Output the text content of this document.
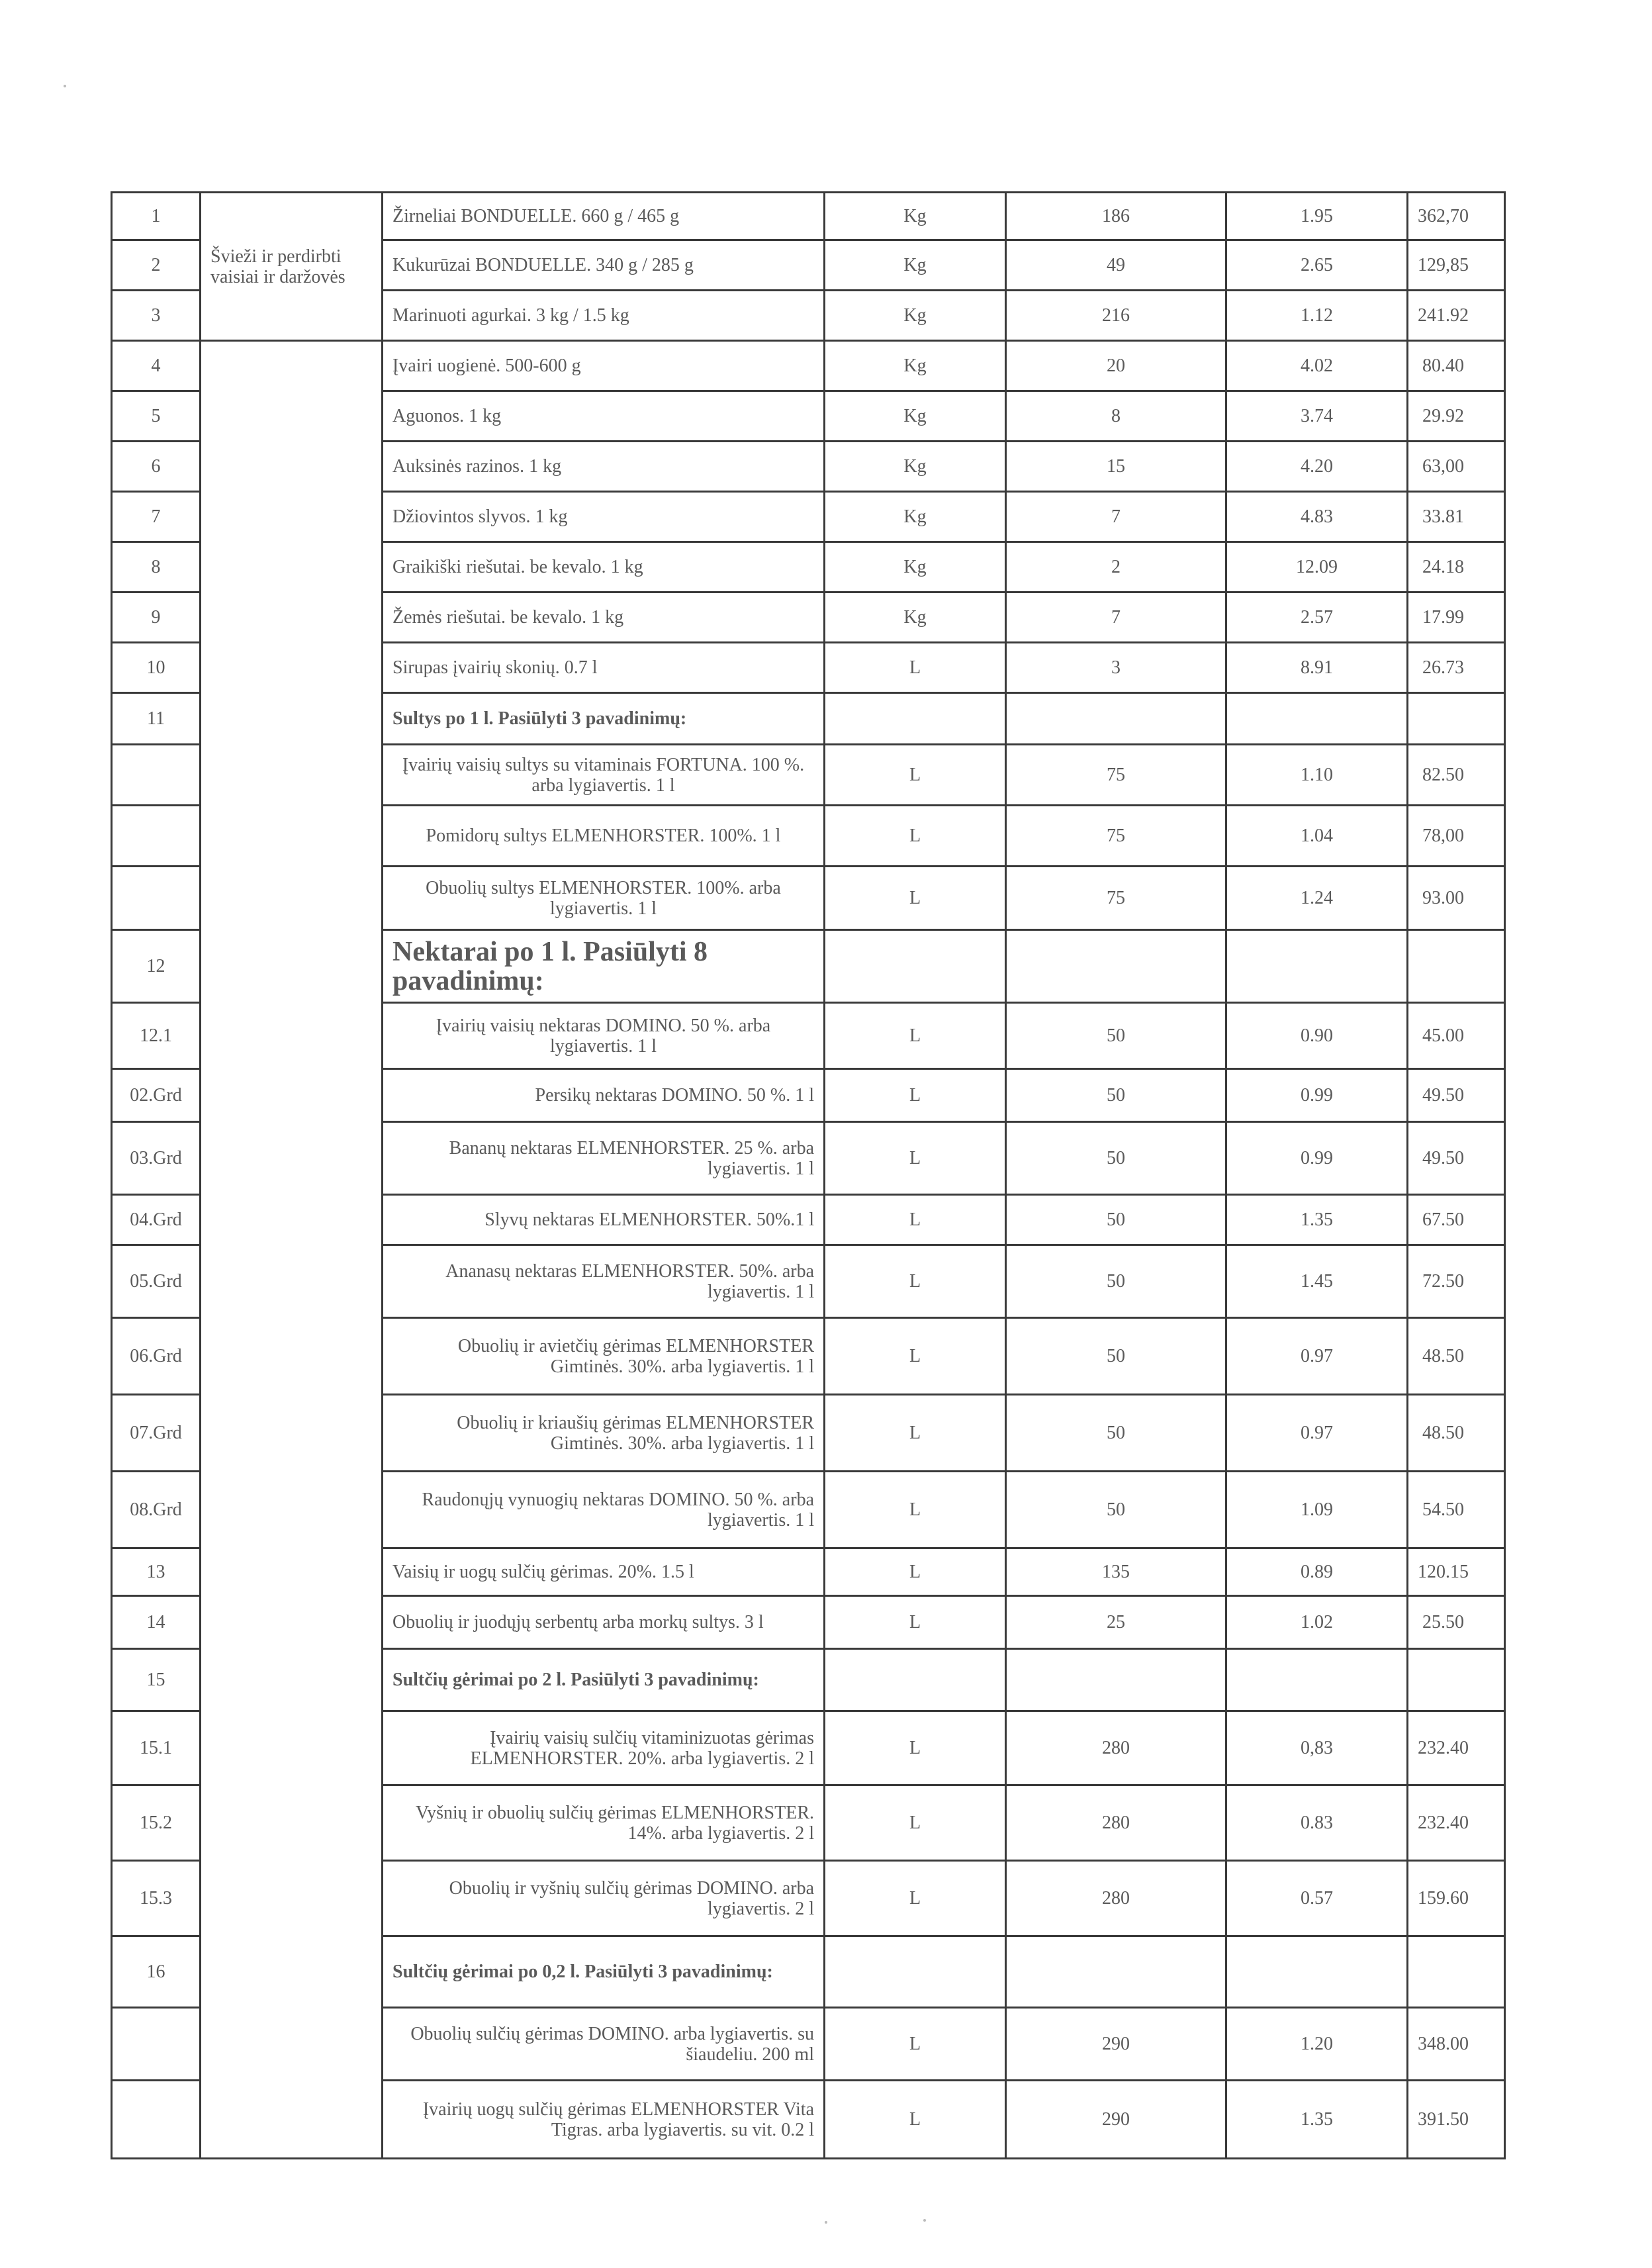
1	Švieži ir perdirbti vaisiai ir daržovės	Žirneliai BONDUELLE. 660 g / 465 g	Kg	186	1.95	362,70
2		Kukurūzai BONDUELLE. 340 g / 285 g	Kg	49	2.65	129,85
3		Marinuoti agurkai. 3 kg / 1.5 kg	Kg	216	1.12	241.92
4		Įvairi uogienė. 500-600 g	Kg	20	4.02	80.40
5		Aguonos. 1 kg	Kg	8	3.74	29.92
6		Auksinės razinos. 1 kg	Kg	15	4.20	63,00
7		Džiovintos slyvos. 1 kg	Kg	7	4.83	33.81
8		Graikiški riešutai. be kevalo. 1 kg	Kg	2	12.09	24.18
9		Žemės riešutai. be kevalo. 1 kg	Kg	7	2.57	17.99
10		Sirupas įvairių skonių. 0.7 l	L	3	8.91	26.73
11		Sultys po 1 l. Pasiūlyti 3 pavadinimų:				
		Įvairių vaisių sultys su vitaminais FORTUNA. 100 %. arba lygiavertis. 1 l	L	75	1.10	82.50
		Pomidorų sultys ELMENHORSTER. 100%. 1 l	L	75	1.04	78,00
		Obuolių sultys ELMENHORSTER. 100%. arba lygiavertis. 1 l	L	75	1.24	93.00
12		Nektarai po 1 l. Pasiūlyti 8 pavadinimų:				
12.1		Įvairių vaisių nektaras DOMINO. 50 %. arba lygiavertis. 1 l	L	50	0.90	45.00
02.Grd		Persikų nektaras DOMINO. 50 %. 1 l	L	50	0.99	49.50
03.Grd		Bananų nektaras ELMENHORSTER. 25 %. arba lygiavertis. 1 l	L	50	0.99	49.50
04.Grd		Slyvų nektaras ELMENHORSTER. 50%.1 l	L	50	1.35	67.50
05.Grd		Ananasų nektaras ELMENHORSTER. 50%. arba lygiavertis. 1 l	L	50	1.45	72.50
06.Grd		Obuolių ir avietčių gėrimas ELMENHORSTER Gimtinės. 30%. arba lygiavertis. 1 l	L	50	0.97	48.50
07.Grd		Obuolių ir kriaušių gėrimas ELMENHORSTER Gimtinės. 30%. arba lygiavertis. 1 l	L	50	0.97	48.50
08.Grd		Raudonųjų vynuogių nektaras DOMINO. 50 %. arba lygiavertis. 1 l	L	50	1.09	54.50
13		Vaisių ir uogų sulčių gėrimas. 20%. 1.5 l	L	135	0.89	120.15
14		Obuolių ir juodųjų serbentų arba morkų sultys. 3 l	L	25	1.02	25.50
15		Sultčių gėrimai po 2 l. Pasiūlyti 3 pavadinimų:				
15.1		Įvairių vaisių sulčių vitaminizuotas gėrimas ELMENHORSTER. 20%. arba lygiavertis. 2 l	L	280	0,83	232.40
15.2		Vyšnių ir obuolių sulčių gėrimas ELMENHORSTER. 14%. arba lygiavertis. 2 l	L	280	0.83	232.40
15.3		Obuolių ir vyšnių sulčių gėrimas DOMINO. arba lygiavertis. 2 l	L	280	0.57	159.60
16		Sultčių gėrimai po 0,2 l. Pasiūlyti 3 pavadinimų:				
		Obuolių sulčių gėrimas DOMINO. arba lygiavertis. su šiaudeliu. 200 ml	L	290	1.20	348.00
		Įvairių uogų sulčių gėrimas ELMENHORSTER Vita Tigras. arba lygiavertis. su vit. 0.2 l	L	290	1.35	391.50
